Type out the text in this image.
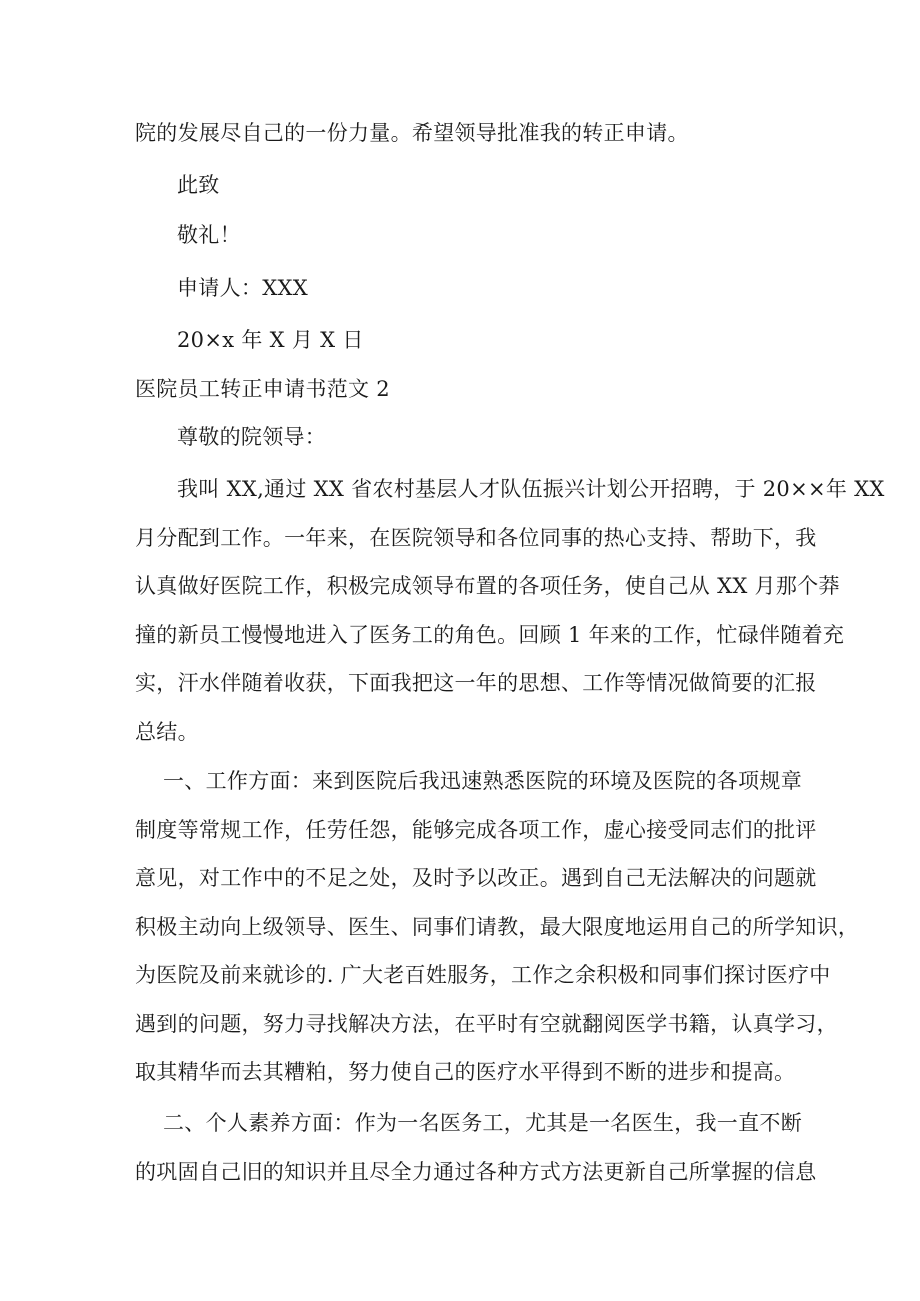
院的发展尽自己的一份力量。希望领导批准我的转正申请。
此致
敬礼！
申请人：XXX
20×x 年 X 月 X 日
医院员工转正申请书范文 2
尊敬的院领导：
我叫 XX,通过 XX 省农村基层人才队伍振兴计划公开招聘，于 20××年 XX
月分配到工作。一年来，在医院领导和各位同事的热心支持、帮助下，我
认真做好医院工作，积极完成领导布置的各项任务，使自己从 XX 月那个莽
撞的新员工慢慢地进入了医务工的角色。回顾 1 年来的工作，忙碌伴随着充
实，汗水伴随着收获，下面我把这一年的思想、工作等情况做简要的汇报
总结。
一、工作方面：来到医院后我迅速熟悉医院的环境及医院的各项规章
制度等常规工作，任劳任怨，能够完成各项工作，虚心接受同志们的批评
意见，对工作中的不足之处，及时予以改正。遇到自己无法解决的问题就
积极主动向上级领导、医生、同事们请教，最大限度地运用自己的所学知识，
为医院及前来就诊的. 广大老百姓服务，工作之余积极和同事们探讨医疗中
遇到的问题，努力寻找解决方法，在平时有空就翻阅医学书籍，认真学习，
取其精华而去其糟粕，努力使自己的医疗水平得到不断的进步和提高。
二、个人素养方面：作为一名医务工，尤其是一名医生，我一直不断
的巩固自己旧的知识并且尽全力通过各种方式方法更新自己所掌握的信息
